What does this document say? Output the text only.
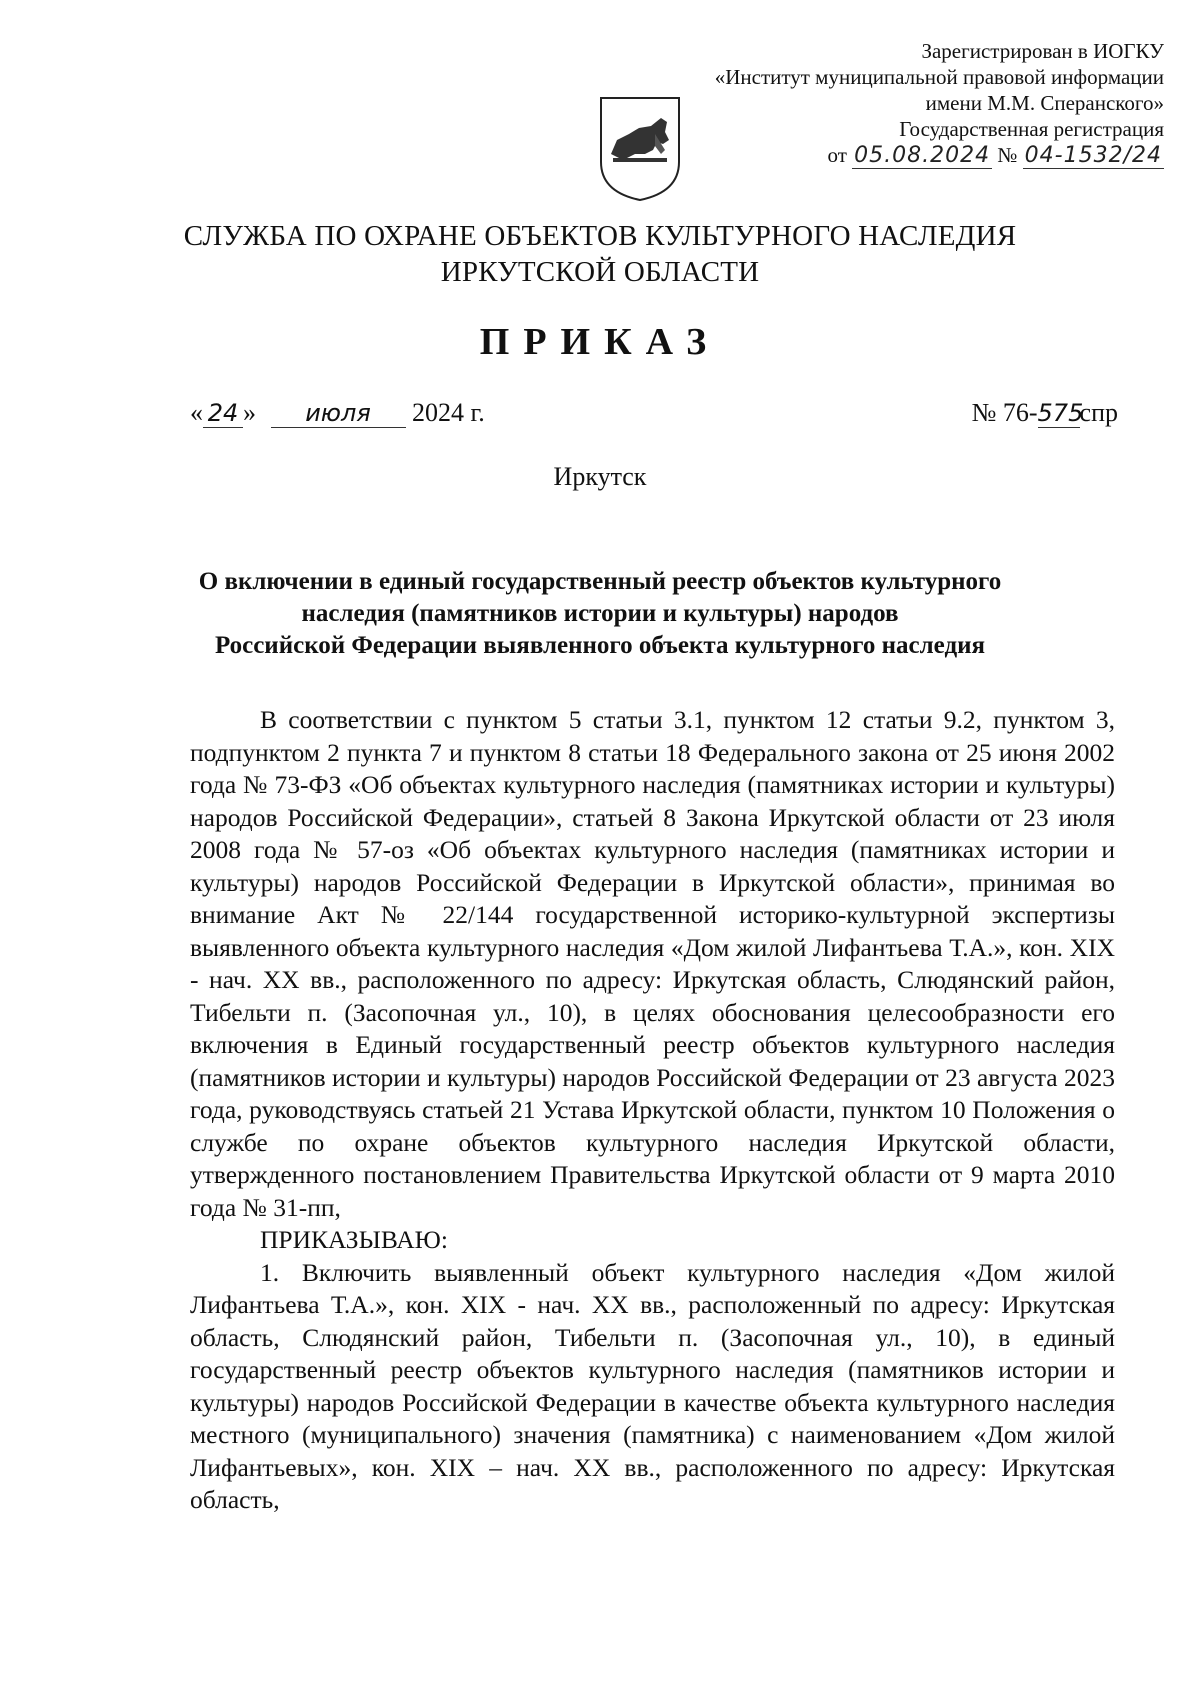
Зарегистрирован в ИОГКУ
«Институт муниципальной правовой информации
имени М.М. Сперанского»
Государственная регистрация
от 05.08.2024 № 04-1532/24
СЛУЖБА ПО ОХРАНЕ ОБЪЕКТОВ КУЛЬТУРНОГО НАСЛЕДИЯ
ИРКУТСКОЙ ОБЛАСТИ
ПРИКАЗ
« 24 » июля 2024 г.	№ 76-575спр
Иркутск
О включении в единый государственный реестр объектов культурного
наследия (памятников истории и культуры) народов
Российской Федерации выявленного объекта культурного наследия

В соответствии с пунктом 5 статьи 3.1, пунктом 12 статьи 9.2, пунктом 3, подпунктом 2 пункта 7 и пунктом 8 статьи 18 Федерального закона от 25 июня 2002 года № 73-ФЗ «Об объектах культурного наследия (памятниках истории и культуры) народов Российской Федерации», статьей 8 Закона Иркутской области от 23 июля 2008 года № 57-оз «Об объектах культурного наследия (памятниках истории и культуры) народов Российской Федерации в Иркутской области», принимая во внимание Акт № 22/144 государственной историко-культурной экспертизы выявленного объекта культурного наследия «Дом жилой Лифантьева Т.А.», кон. XIX - нач. XX вв., расположенного по адресу: Иркутская область, Слюдянский район, Тибельти п. (Засопочная ул., 10), в целях обоснования целесообразности его включения в Единый государственный реестр объектов культурного наследия (памятников истории и культуры) народов Российской Федерации от 23 августа 2023 года, руководствуясь статьей 21 Устава Иркутской области, пунктом 10 Положения о службе по охране объектов культурного наследия Иркутской области, утвержденного постановлением Правительства Иркутской области от 9 марта 2010 года № 31-пп,

ПРИКАЗЫВАЮ:

1. Включить выявленный объект культурного наследия «Дом жилой Лифантьева Т.А.», кон. XIX - нач. XX вв., расположенный по адресу: Иркутская область, Слюдянский район, Тибельти п. (Засопочная ул., 10), в единый государственный реестр объектов культурного наследия (памятников истории и культуры) народов Российской Федерации в качестве объекта культурного наследия местного (муниципального) значения (памятника) с наименованием «Дом жилой Лифантьевых», кон. XIX – нач. XX вв., расположенного по адресу: Иркутская область,
